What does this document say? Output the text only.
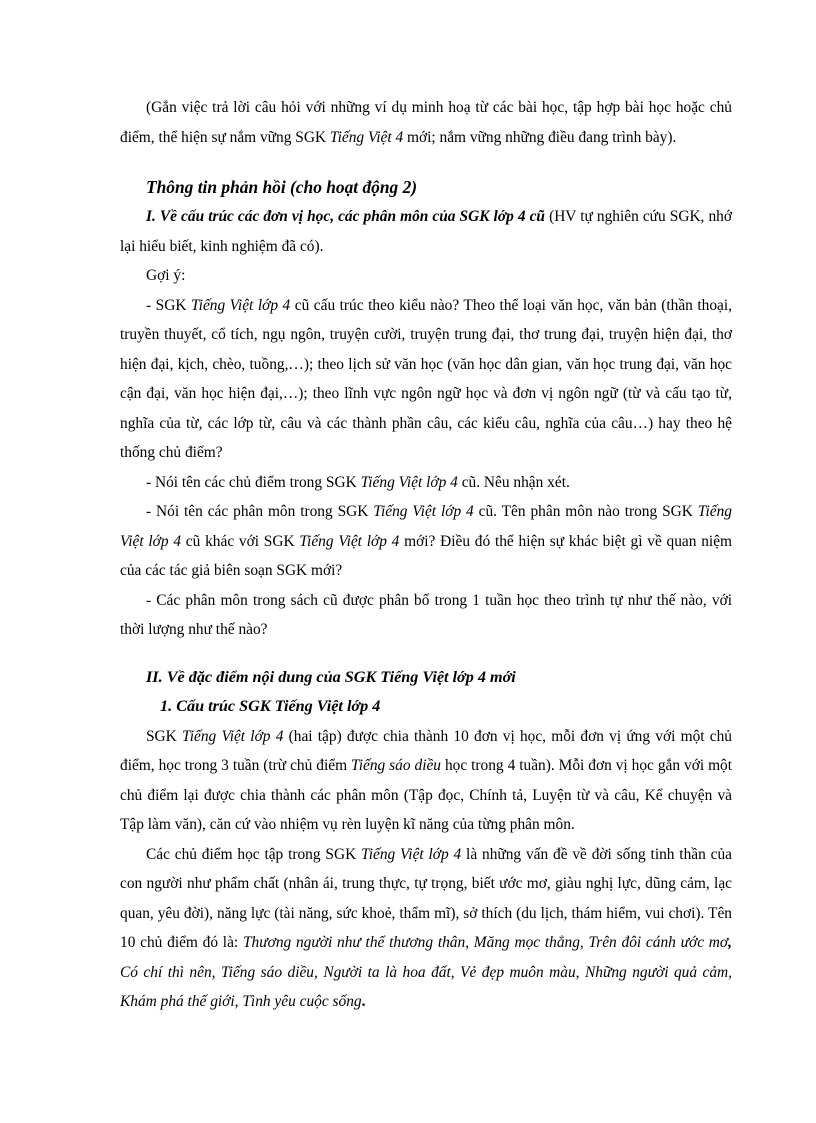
(Gắn việc trả lời câu hỏi với những ví dụ minh hoạ từ các bài học, tập hợp bài học hoặc chủ điểm, thể hiện sự nắm vững SGK Tiếng Việt 4 mới; nắm vững những điều đang trình bày).

Thông tin phản hồi (cho hoạt động 2)

I. Về cấu trúc các đơn vị học, các phân môn của SGK lớp 4 cũ (HV tự nghiên cứu SGK, nhớ lại hiểu biết, kinh nghiệm đã có).

Gợi ý:

- SGK Tiếng Việt lớp 4 cũ cấu trúc theo kiểu nào? Theo thể loại văn học, văn bản (thần thoại, truyền thuyết, cổ tích, ngụ ngôn, truyện cười, truyện trung đại, thơ trung đại, truyện hiện đại, thơ hiện đại, kịch, chèo, tuồng,…); theo lịch sử văn học (văn học dân gian, văn học trung đại, văn học cận đại, văn học hiện đại,…); theo lĩnh vực ngôn ngữ học và đơn vị ngôn ngữ (từ và cấu tạo từ, nghĩa của từ, các lớp từ, câu và các thành phần câu, các kiểu câu, nghĩa của câu…) hay theo hệ thống chủ điểm?

- Nói tên các chủ điểm trong SGK Tiếng Việt lớp 4 cũ. Nêu nhận xét.

- Nói tên các phân môn trong SGK Tiếng Việt lớp 4 cũ. Tên phân môn nào trong SGK Tiếng Việt lớp 4 cũ khác với SGK Tiếng Việt lớp 4 mới? Điều đó thể hiện sự khác biệt gì về quan niệm của các tác giả biên soạn SGK mới?

- Các phân môn trong sách cũ được phân bố trong 1 tuần học theo trình tự như thế nào, với thời lượng như thế nào?

II. Về đặc điểm nội dung của SGK Tiếng Việt lớp 4 mới

1. Cấu trúc SGK Tiếng Việt lớp 4

SGK Tiếng Việt lớp 4 (hai tập) được chia thành 10 đơn vị học, mỗi đơn vị ứng với một chủ điểm, học trong 3 tuần (trừ chủ điểm Tiếng sáo diều học trong 4 tuần). Mỗi đơn vị học gắn với một chủ điểm lại được chia thành các phân môn (Tập đọc, Chính tả, Luyện từ và câu, Kể chuyện và Tập làm văn), căn cứ vào nhiệm vụ rèn luyện kĩ năng của từng phân môn.

Các chủ điểm học tập trong SGK Tiếng Việt lớp 4 là những vấn đề về đời sống tinh thần của con người như phẩm chất (nhân ái, trung thực, tự trọng, biết ước mơ, giàu nghị lực, dũng cảm, lạc quan, yêu đời), năng lực (tài năng, sức khoẻ, thẩm mĩ), sở thích (du lịch, thám hiểm, vui chơi). Tên 10 chủ điểm đó là: Thương người như thể thương thân, Măng mọc thẳng, Trên đôi cánh ước mơ, Có chí thì nên, Tiếng sáo diều, Người ta là hoa đất, Vẻ đẹp muôn màu, Những người quả cảm, Khám phá thế giới, Tình yêu cuộc sống.
